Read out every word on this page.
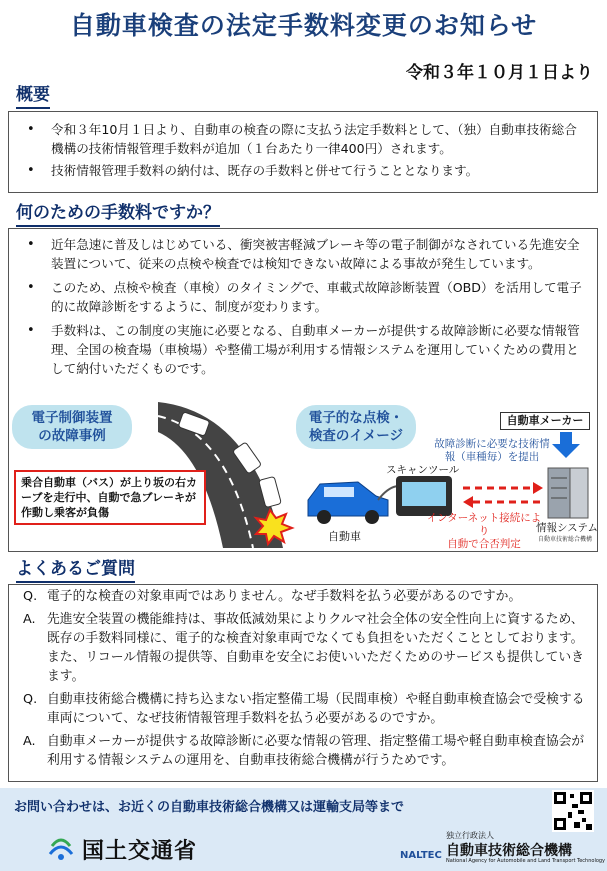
自動車検査の法定手数料変更のお知らせ
令和３年１０月１日より
概要
• 令和３年10月１日より、自動車の検査の際に支払う法定手数料として、（独）自動車技術総合機構の技術情報管理手数料が追加（１台あたり一律400円）されます。
• 技術情報管理手数料の納付は、既存の手数料と併せて行うこととなります。
何のための手数料ですか？
• 近年急速に普及しはじめている、衝突被害軽減ブレーキ等の電子制御がなされている先進安全装置について、従来の点検や検査では検知できない故障による事故が発生しています。
• このため、点検や検査（車検）のタイミングで、車載式故障診断装置（OBD）を活用して電子的に故障診断をするように、制度が変わります。
• 手数料は、この制度の実施に必要となる、自動車メーカーが提供する故障診断に必要な情報管理、全国の検査場（車検場）や整備工場が利用する情報システムを運用していくための費用として納付いただくものです。
電子制御装置
の故障事例
電子的な点検・
検査のイメージ
乗合自動車（バス）が上り坂の右カーブを走行中、自動で急ブレーキが作動し乗客が負傷
自動車メーカー
故障診断に必要な技術情報（車種毎）を提出
スキャンツール
インターネット接続により
自動で合否判定
自動車
情報システム
自動車技術総合機構
よくあるご質問
Q. 電子的な検査の対象車両ではありません。なぜ手数料を払う必要があるのですか。
A. 先進安全装置の機能維持は、事故低減効果によりクルマ社会全体の安全性向上に資するため、既存の手数料同様に、電子的な検査対象車両でなくても負担をいただくこととしております。また、リコール情報の提供等、自動車を安全にお使いいただくためのサービスも提供していきます。
Q. 自動車技術総合機構に持ち込まない指定整備工場（民間車検）や軽自動車検査協会で受検する車両について、なぜ技術情報管理手数料を払う必要があるのですか。
A. 自動車メーカーが提供する故障診断に必要な情報の管理、指定整備工場や軽自動車検査協会が利用する情報システムの運用を、自動車技術総合機構が行うためです。
お問い合わせは、お近くの自動車技術総合機構又は運輸支局等まで
国土交通省	NALTEC
独立行政法人
自動車技術総合機構
National Agency for Automobile and Land Transport Technology
